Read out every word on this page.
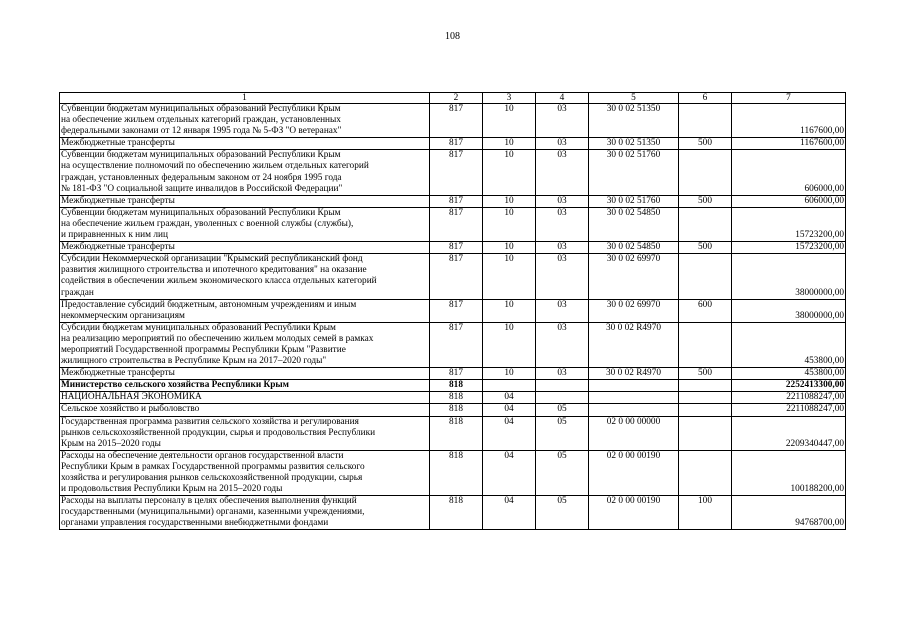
108
1	2	3	4	5	6	7

Субвенции бюджетам муниципальных образований Республики Крым
на обеспечение жильем отдельных категорий граждан, установленных
федеральными законами от 12 января 1995 года № 5-ФЗ "О ветеранах"	817	10	03	30 0 02 51350		1167600,00

Межбюджетные трансферты	817	10	03	30 0 02 51350	500	1167600,00

Субвенции бюджетам муниципальных образований Республики Крым
на осуществление полномочий по обеспечению жильем отдельных категорий
граждан, установленных федеральным законом от 24 ноября 1995 года
№ 181-ФЗ "О социальной защите инвалидов в Российской Федерации"	817	10	03	30 0 02 51760		606000,00

Межбюджетные трансферты	817	10	03	30 0 02 51760	500	606000,00

Субвенции бюджетам муниципальных образований Республики Крым
на обеспечение жильем граждан, уволенных с военной службы (службы),
и приравненных к ним лиц	817	10	03	30 0 02 54850		15723200,00

Межбюджетные трансферты	817	10	03	30 0 02 54850	500	15723200,00

Субсидии Некоммерческой организации "Крымский республиканский фонд
развития жилищного строительства и ипотечного кредитования" на оказание
содействия в обеспечении жильем экономического класса отдельных категорий
граждан	817	10	03	30 0 02 69970		38000000,00

Предоставление субсидий бюджетным, автономным учреждениям и иным
некоммерческим организациям	817	10	03	30 0 02 69970	600	38000000,00

Субсидии бюджетам муниципальных образований Республики Крым
на реализацию мероприятий по обеспечению жильем молодых семей в рамках
мероприятий Государственной программы Республики Крым "Развитие
жилищного строительства в Республике Крым на 2017–2020 годы"	817	10	03	30 0 02 R4970		453800,00

Межбюджетные трансферты	817	10	03	30 0 02 R4970	500	453800,00

Министерство сельского хозяйства Республики Крым	818					2252413300,00

НАЦИОНАЛЬНАЯ ЭКОНОМИКА	818	04				2211088247,00

Сельское хозяйство и рыболовство	818	04	05			2211088247,00

Государственная программа развития сельского хозяйства и регулирования
рынков сельскохозяйственной продукции, сырья и продовольствия Республики
Крым на 2015–2020 годы	818	04	05	02 0 00 00000		2209340447,00

Расходы на обеспечение деятельности органов государственной власти
Республики Крым в рамках Государственной программы развития сельского
хозяйства и регулирования рынков сельскохозяйственной продукции, сырья
и продовольствия Республики Крым на 2015–2020 годы	818	04	05	02 0 00 00190		100188200,00

Расходы на выплаты персоналу в целях обеспечения выполнения функций
государственными (муниципальными) органами, казенными учреждениями,
органами управления государственными внебюджетными фондами	818	04	05	02 0 00 00190	100	94768700,00
